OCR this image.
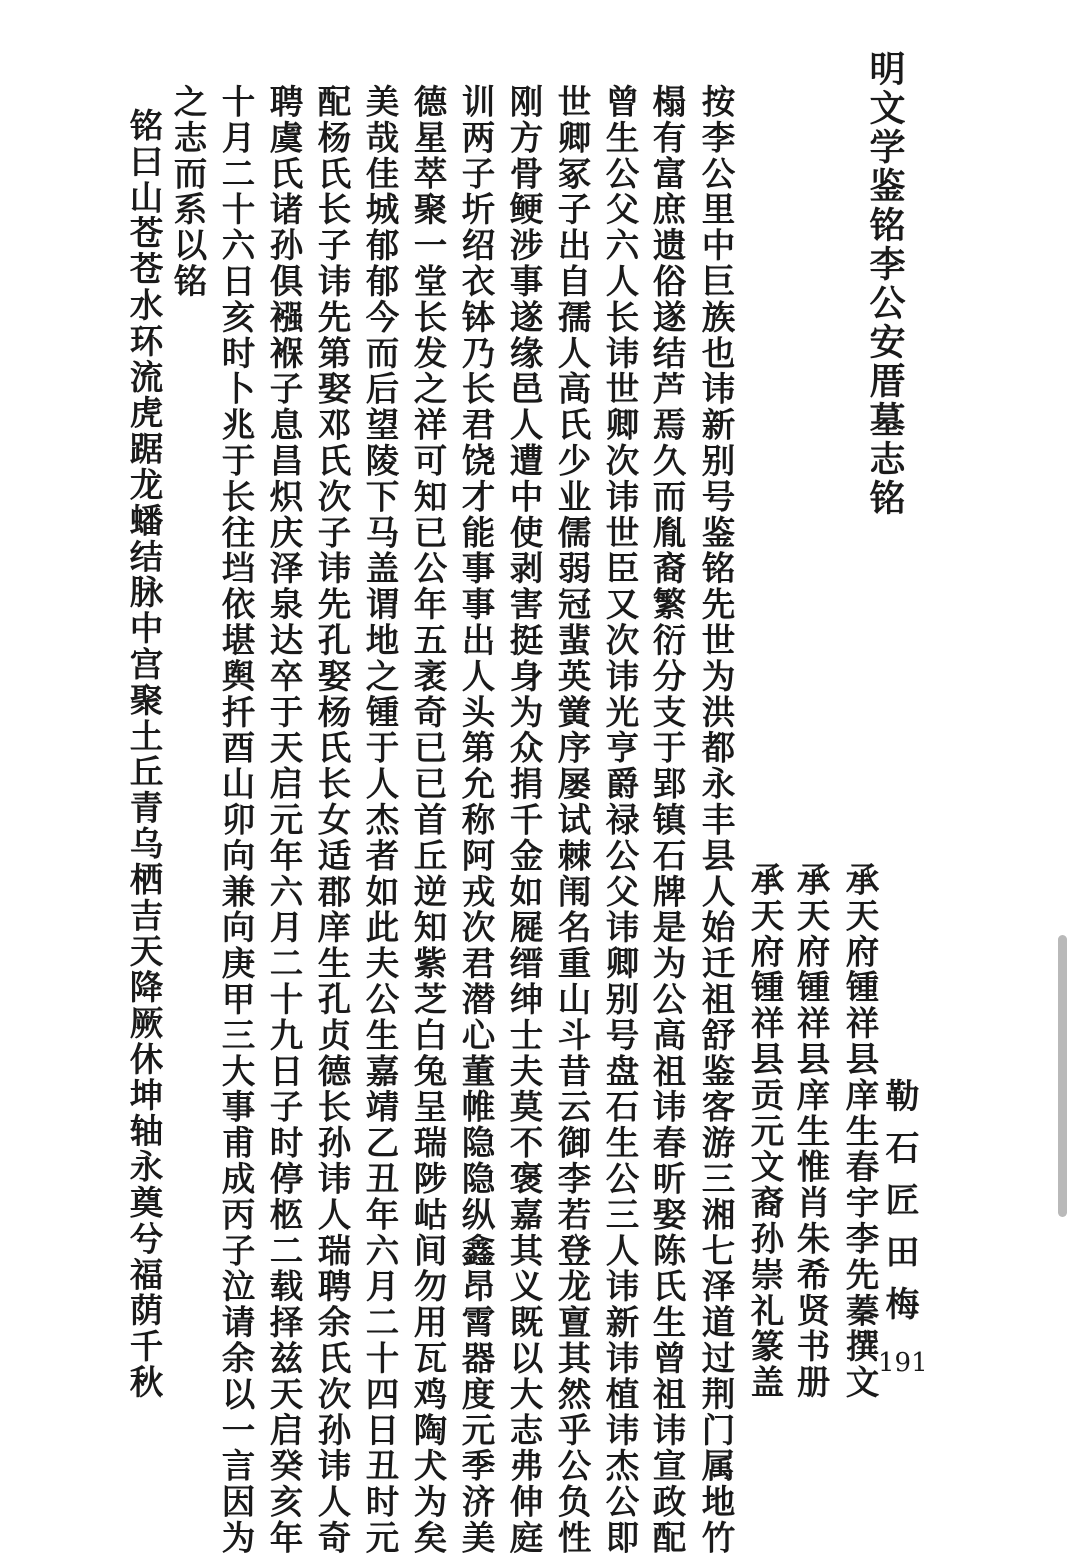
明文学鉴铭李公安厝墓志铭
承天府锺祥县庠生春宇李先蓁撰文
承天府锺祥县庠生惟肖朱希贤书册
承天府锺祥县贡元文裔孙崇礼篆盖	勒石匠田梅
按李公里中巨族也讳新别号鉴铭先世为洪都永丰县人始迁祖舒鉴客游三湘七泽道过荆门属地竹
榻有富庶遗俗遂结芦焉久而胤裔繁衍分支于郢镇石牌是为公高祖讳春昕娶陈氏生曾祖讳宣政配
曾生公父六人长讳世卿次讳世臣又次讳光亨爵禄公父讳卿别号盘石生公三人讳新讳植讳杰公即
世卿冢子出自孺人高氏少业儒弱冠蜚英黉序屡试棘闱名重山斗昔云御李若登龙亶其然乎公负性
刚方骨鲠涉事遂缘邑人遭中使剥害挺身为众捐千金如屣缙绅士夫莫不褒嘉其义既以大志弗伸庭
训两子圻绍衣钵乃长君饶才能事事出人头第允称阿戎次君潜心董帷隐隐纵鑫昂霄器度元季济美
德星萃聚一堂长发之祥可知已公年五袤奇已已首丘逆知紫芝白兔呈瑞陟岵间勿用瓦鸡陶犬为矣
美哉佳城郁郁今而后望陵下马盖谓地之锺于人杰者如此夫公生嘉靖乙丑年六月二十四日丑时元
配杨氏长子讳先第娶邓氏次子讳先孔娶杨氏长女适郡庠生孔贞德长孙讳人瑞聘余氏次孙讳人奇
聘虞氏诸孙俱襁褓子息昌炽庆泽泉达卒于天启元年六月二十九日子时停柩二载择兹天启癸亥年
十月二十六日亥时卜兆于长往垱依堪舆扦酉山卯向兼向庚甲三大事甫成丙子泣请余以一言因为
之志而系以铭
铭曰山苍苍水环流虎踞龙蟠结脉中宫聚土丘青乌栖吉天降厥休坤轴永奠兮福荫千秋	191
